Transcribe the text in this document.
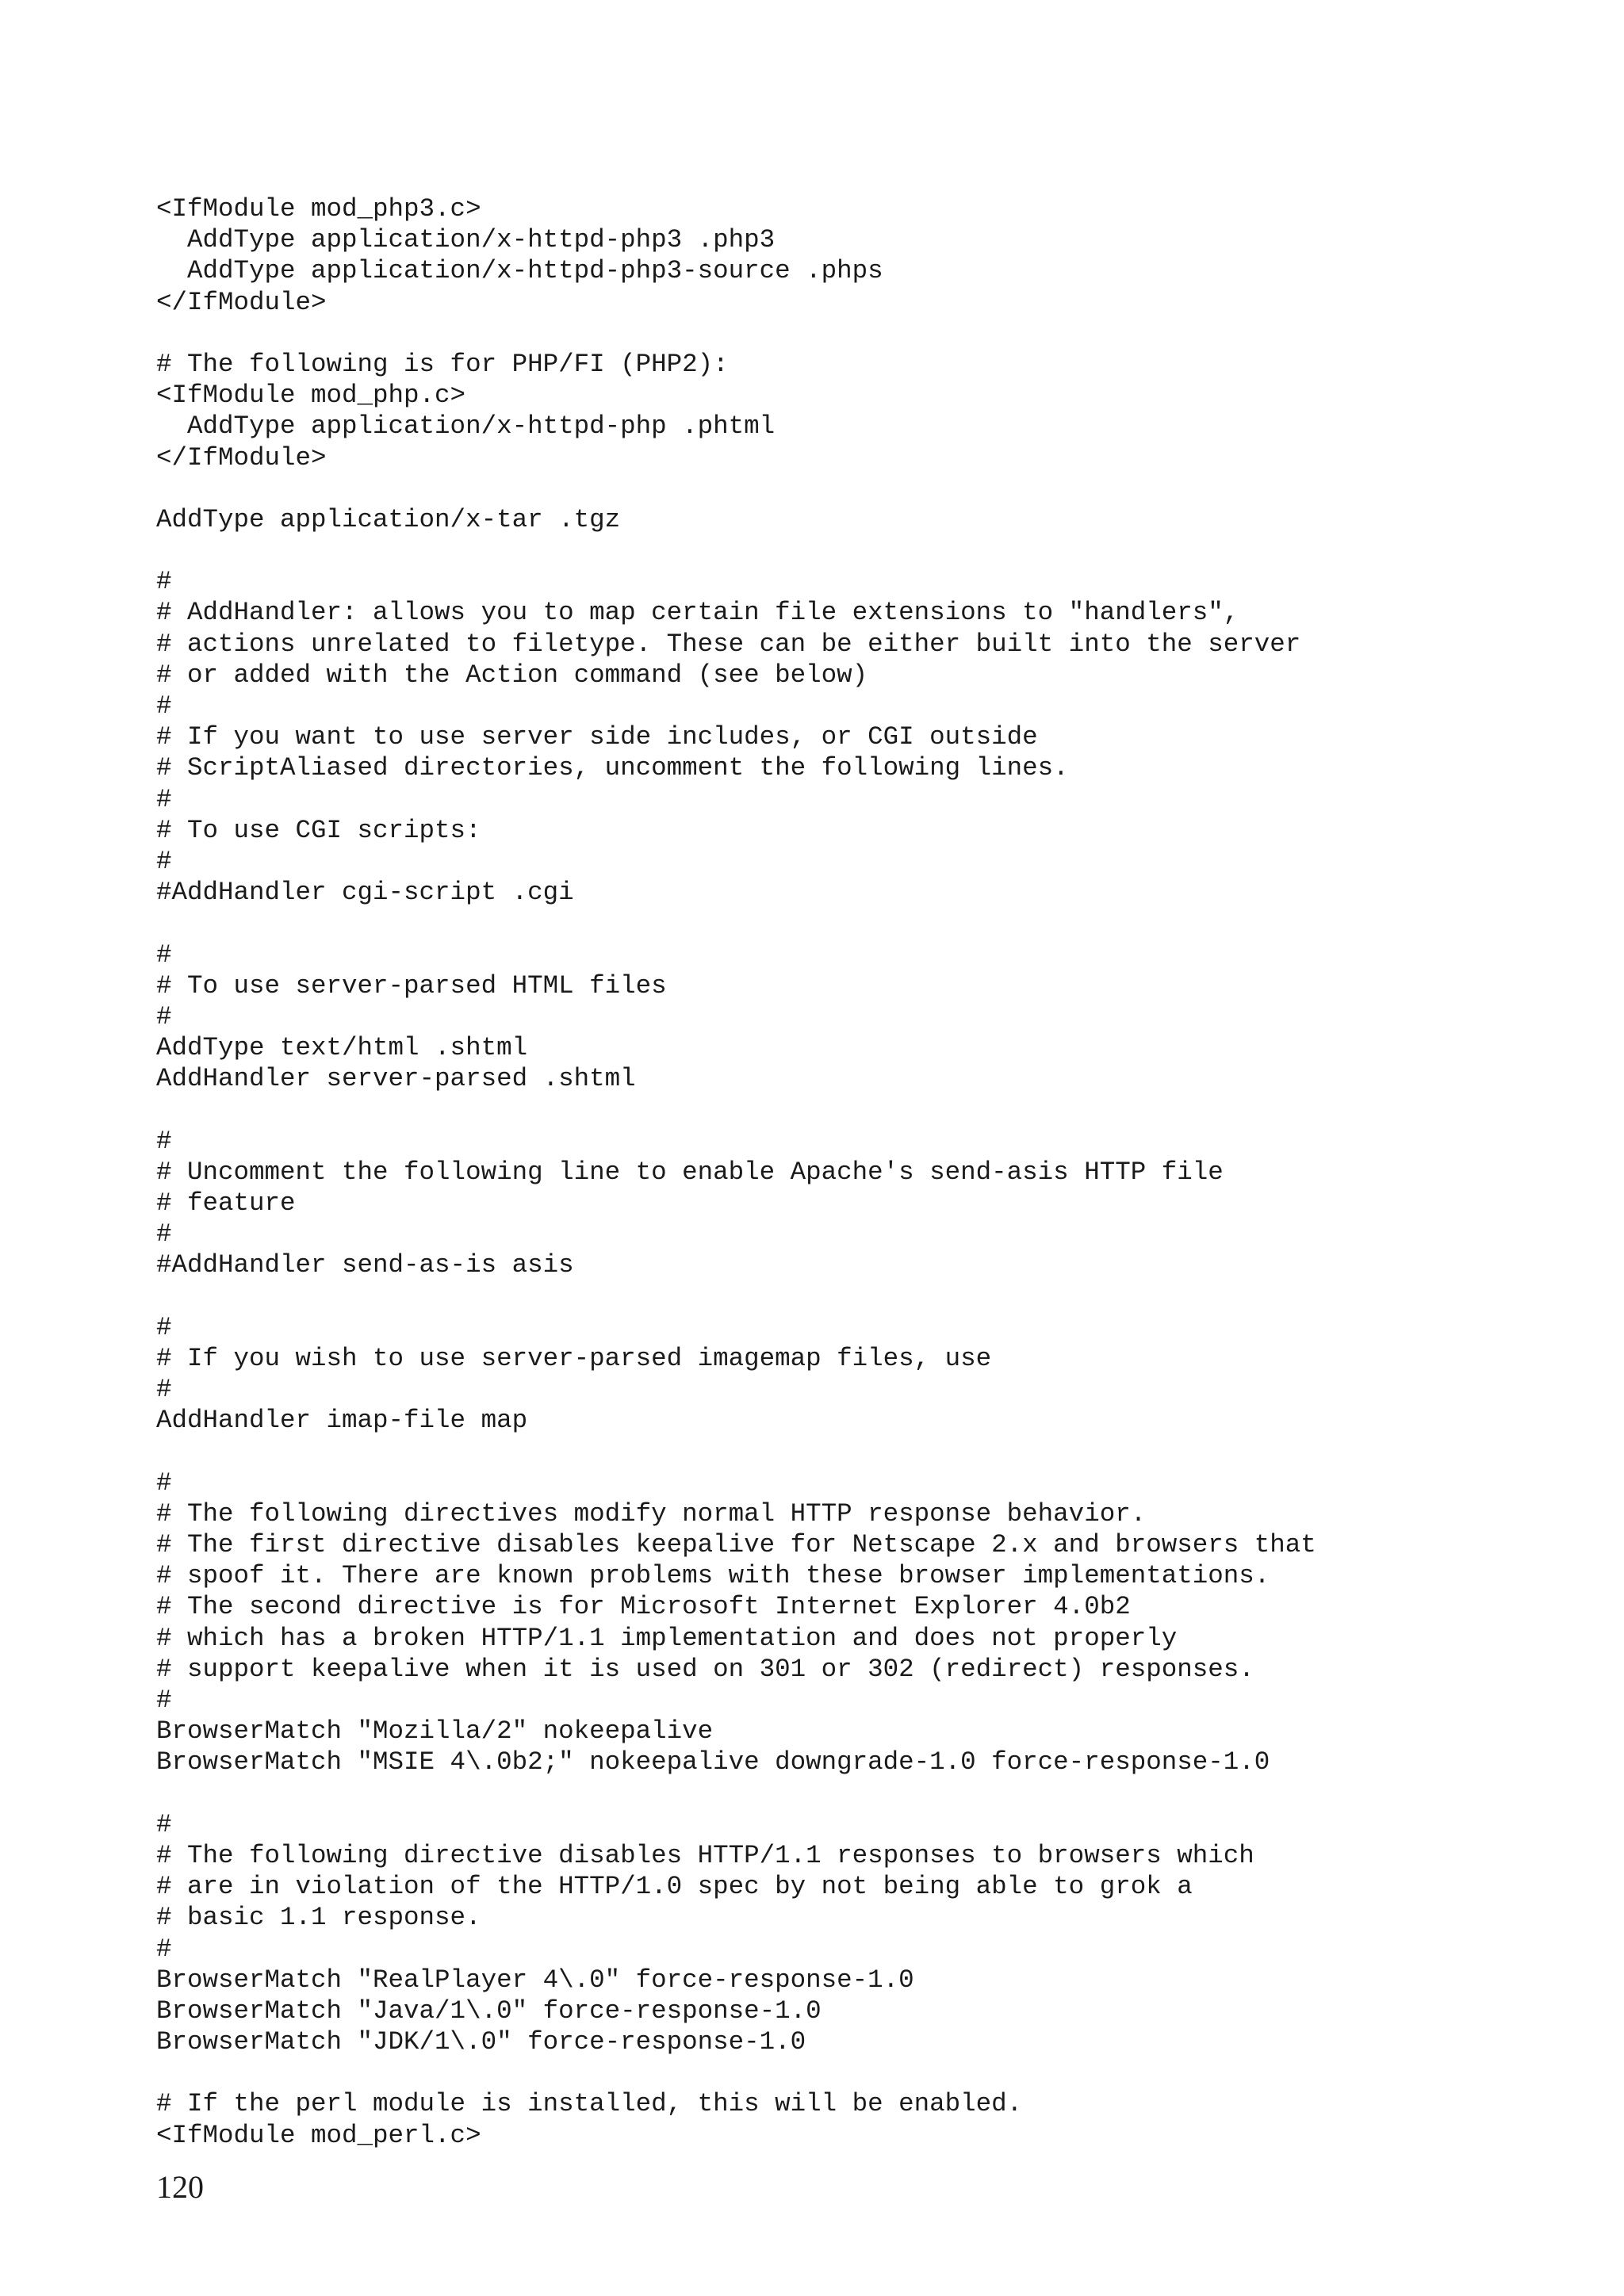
<IfModule mod_php3.c>
AddType application/x-httpd-php3 .php3
AddType application/x-httpd-php3-source .phps
</IfModule>
# The following is for PHP/FI (PHP2):
<IfModule mod_php.c>
AddType application/x-httpd-php .phtml
</IfModule>
AddType application/x-tar .tgz
#
# AddHandler: allows you to map certain file extensions to "handlers",
# actions unrelated to filetype. These can be either built into the server
# or added with the Action command (see below)
#
# If you want to use server side includes, or CGI outside
# ScriptAliased directories, uncomment the following lines.
#
# To use CGI scripts:
#
#AddHandler cgi-script .cgi
#
# To use server-parsed HTML files
#
AddType text/html .shtml
AddHandler server-parsed .shtml
#
# Uncomment the following line to enable Apache's send-asis HTTP file
# feature
#
#AddHandler send-as-is asis
#
# If you wish to use server-parsed imagemap files, use
#
AddHandler imap-file map
#
# The following directives modify normal HTTP response behavior.
# The first directive disables keepalive for Netscape 2.x and browsers that
# spoof it. There are known problems with these browser implementations.
# The second directive is for Microsoft Internet Explorer 4.0b2
# which has a broken HTTP/1.1 implementation and does not properly
# support keepalive when it is used on 301 or 302 (redirect) responses.
#
BrowserMatch "Mozilla/2" nokeepalive
BrowserMatch "MSIE 4\.0b2;" nokeepalive downgrade-1.0 force-response-1.0
#
# The following directive disables HTTP/1.1 responses to browsers which
# are in violation of the HTTP/1.0 spec by not being able to grok a
# basic 1.1 response.
#
BrowserMatch "RealPlayer 4\.0" force-response-1.0
BrowserMatch "Java/1\.0" force-response-1.0
BrowserMatch "JDK/1\.0" force-response-1.0
# If the perl module is installed, this will be enabled.
<IfModule mod_perl.c>
120
